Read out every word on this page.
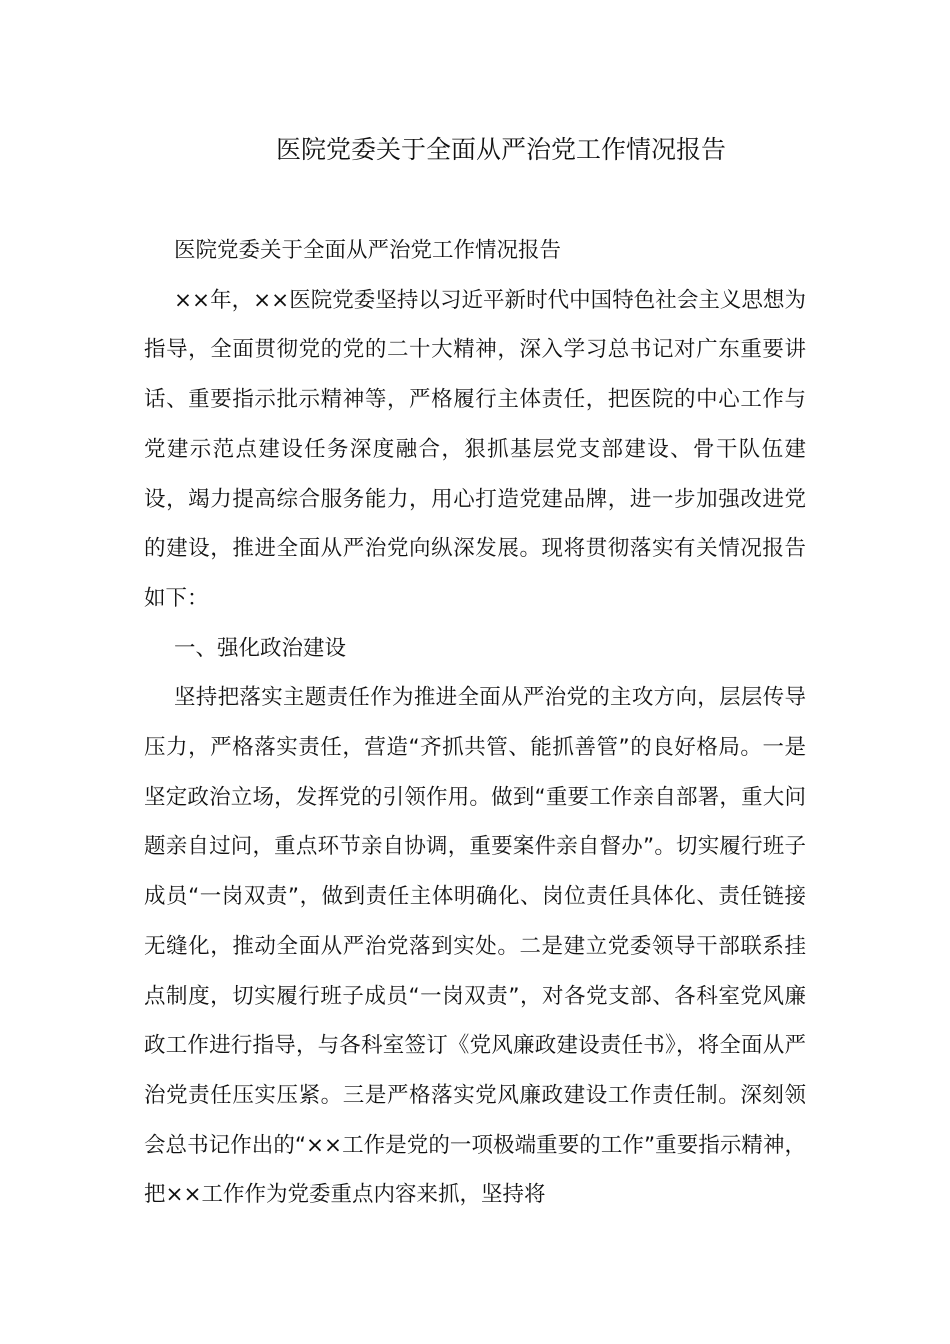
医院党委关于全面从严治党工作情况报告

医院党委关于全面从严治党工作情况报告

××年，××医院党委坚持以习近平新时代中国特色社会主义思想为指导，全面贯彻党的党的二十大精神，深入学习总书记对广东重要讲话、重要指示批示精神等，严格履行主体责任，把医院的中心工作与党建示范点建设任务深度融合，狠抓基层党支部建设、骨干队伍建设，竭力提高综合服务能力，用心打造党建品牌，进一步加强改进党的建设，推进全面从严治党向纵深发展。现将贯彻落实有关情况报告如下：

一、强化政治建设

坚持把落实主题责任作为推进全面从严治党的主攻方向，层层传导压力，严格落实责任，营造“齐抓共管、能抓善管”的良好格局。一是坚定政治立场，发挥党的引领作用。做到“重要工作亲自部署，重大问题亲自过问，重点环节亲自协调，重要案件亲自督办”。切实履行班子成员“一岗双责”，做到责任主体明确化、岗位责任具体化、责任链接无缝化，推动全面从严治党落到实处。二是建立党委领导干部联系挂点制度，切实履行班子成员“一岗双责”，对各党支部、各科室党风廉政工作进行指导，与各科室签订《党风廉政建设责任书》，将全面从严治党责任压实压紧。三是严格落实党风廉政建设工作责任制。深刻领会总书记作出的“××工作是党的一项极端重要的工作”重要指示精神，把××工作作为党委重点内容来抓，坚持将
